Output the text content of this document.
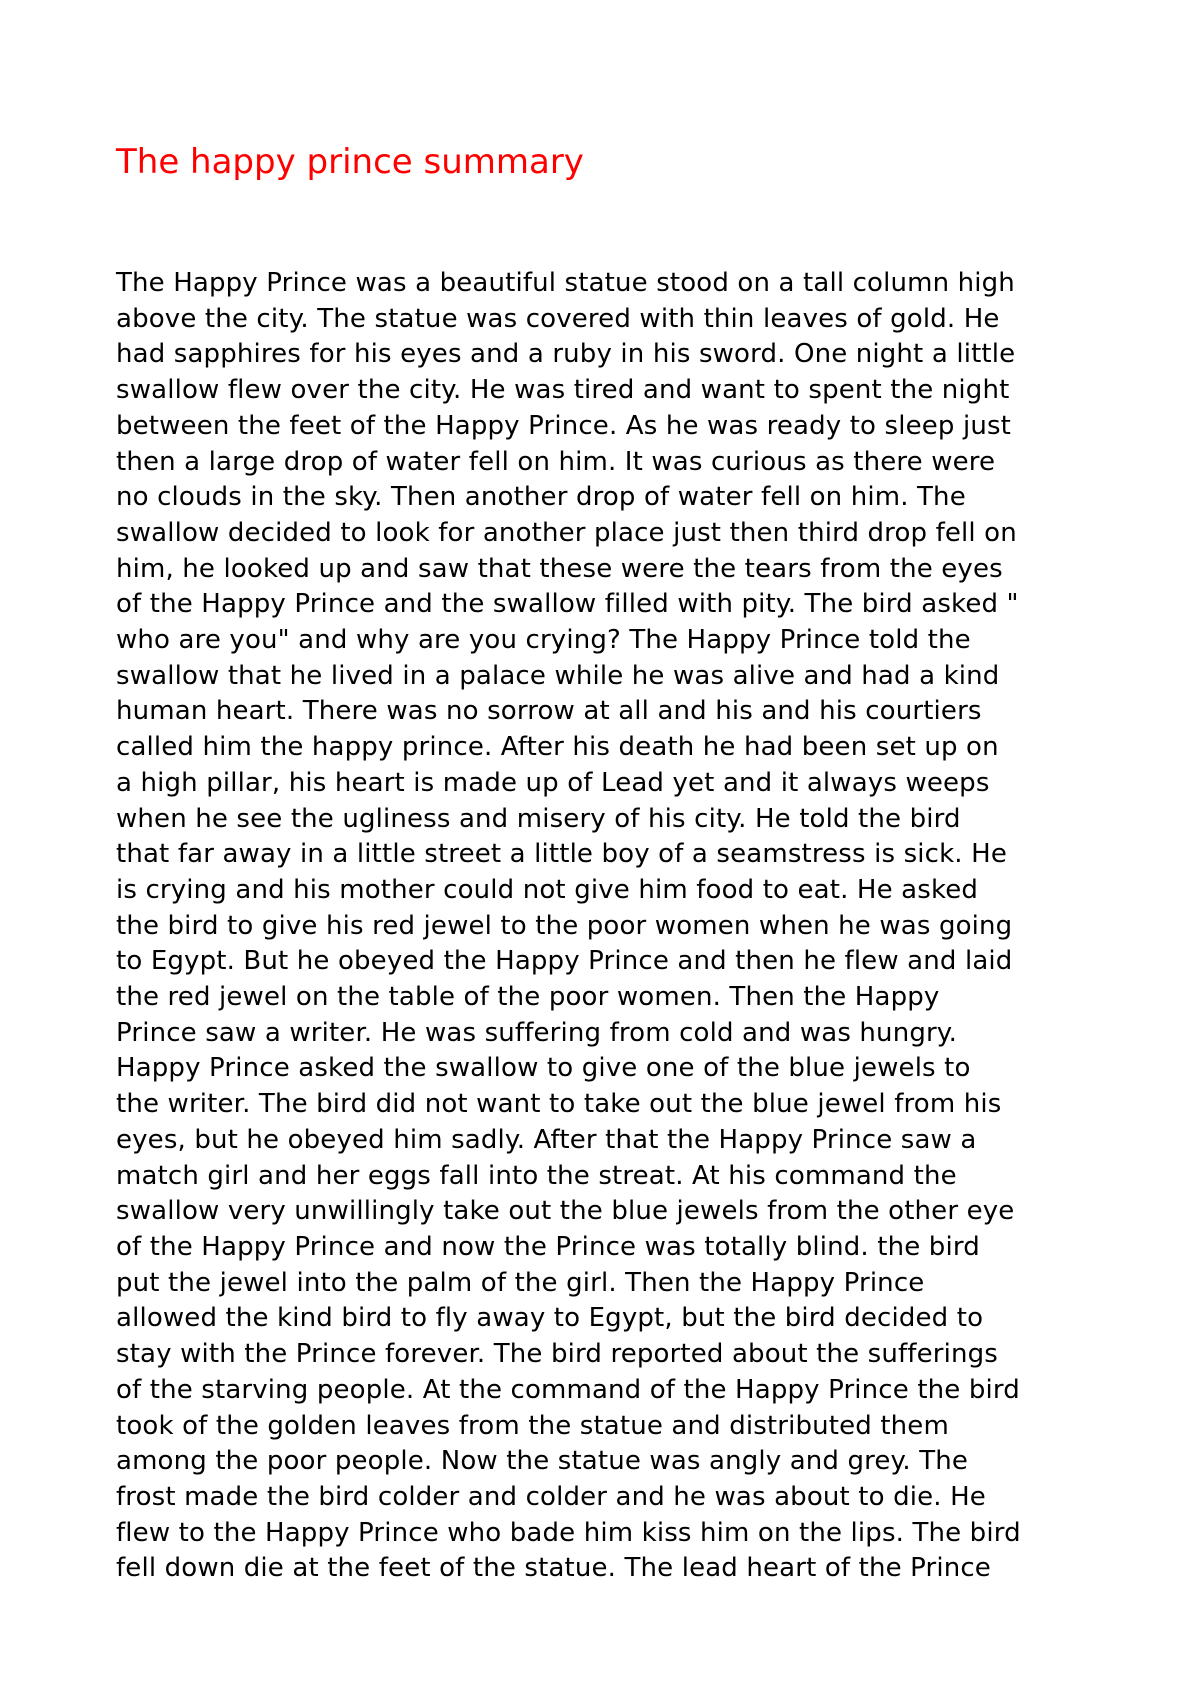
The happy prince summary
The Happy Prince was a beautiful statue stood on a tall column high
above the city. The statue was covered with thin leaves of gold. He
had sapphires for his eyes and a ruby in his sword. One night a little
swallow flew over the city. He was tired and want to spent the night
between the feet of the Happy Prince. As he was ready to sleep just
then a large drop of water fell on him. It was curious as there were
no clouds in the sky. Then another drop of water fell on him. The
swallow decided to look for another place just then third drop fell on
him, he looked up and saw that these were the tears from the eyes
of the Happy Prince and the swallow filled with pity. The bird asked "
who are you" and why are you crying? The Happy Prince told the
swallow that he lived in a palace while he was alive and had a kind
human heart. There was no sorrow at all and his and his courtiers
called him the happy prince. After his death he had been set up on
a high pillar, his heart is made up of Lead yet and it always weeps
when he see the ugliness and misery of his city. He told the bird
that far away in a little street a little boy of a seamstress is sick. He
is crying and his mother could not give him food to eat. He asked
the bird to give his red jewel to the poor women when he was going
to Egypt. But he obeyed the Happy Prince and then he flew and laid
the red jewel on the table of the poor women. Then the Happy
Prince saw a writer. He was suffering from cold and was hungry.
Happy Prince asked the swallow to give one of the blue jewels to
the writer. The bird did not want to take out the blue jewel from his
eyes, but he obeyed him sadly. After that the Happy Prince saw a
match girl and her eggs fall into the streat. At his command the
swallow very unwillingly take out the blue jewels from the other eye
of the Happy Prince and now the Prince was totally blind. the bird
put the jewel into the palm of the girl. Then the Happy Prince
allowed the kind bird to fly away to Egypt, but the bird decided to
stay with the Prince forever. The bird reported about the sufferings
of the starving people. At the command of the Happy Prince the bird
took of the golden leaves from the statue and distributed them
among the poor people. Now the statue was angly and grey. The
frost made the bird colder and colder and he was about to die. He
flew to the Happy Prince who bade him kiss him on the lips. The bird
fell down die at the feet of the statue. The lead heart of the Prince
